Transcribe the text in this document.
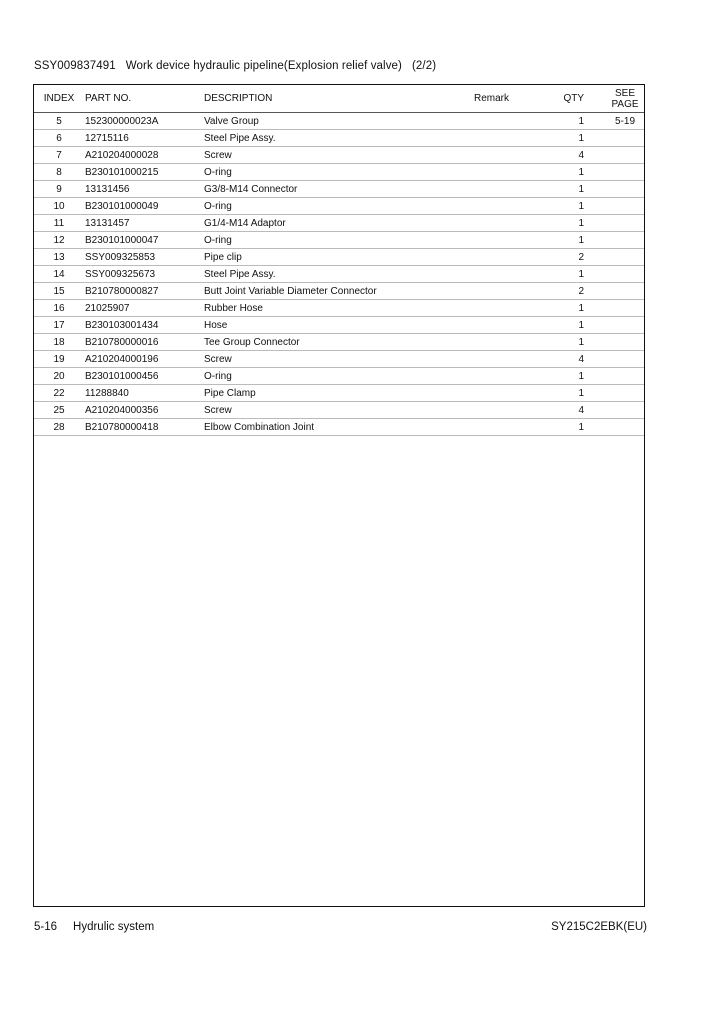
SSY009837491 Work device hydraulic pipeline(Explosion relief valve) (2/2)
INDEX	PART NO.	DESCRIPTION	Remark	QTY	SEE
PAGE
5	152300000023A	Valve Group		1	5-19
6	12715116	Steel Pipe Assy.		1	
7	A210204000028	Screw		4	
8	B230101000215	O-ring		1	
9	13131456	G3/8-M14 Connector		1	
10	B230101000049	O-ring		1	
11	13131457	G1/4-M14 Adaptor		1	
12	B230101000047	O-ring		1	
13	SSY009325853	Pipe clip		2	
14	SSY009325673	Steel Pipe Assy.		1	
15	B210780000827	Butt Joint Variable Diameter Connector		2	
16	21025907	Rubber Hose		1	
17	B230103001434	Hose		1	
18	B210780000016	Tee Group Connector		1	
19	A210204000196	Screw		4	
20	B230101000456	O-ring		1	
22	11288840	Pipe Clamp		1	
25	A210204000356	Screw		4	
28	B210780000418	Elbow Combination Joint		1	
5-16 Hydrulic system	SY215C2EBK(EU)
